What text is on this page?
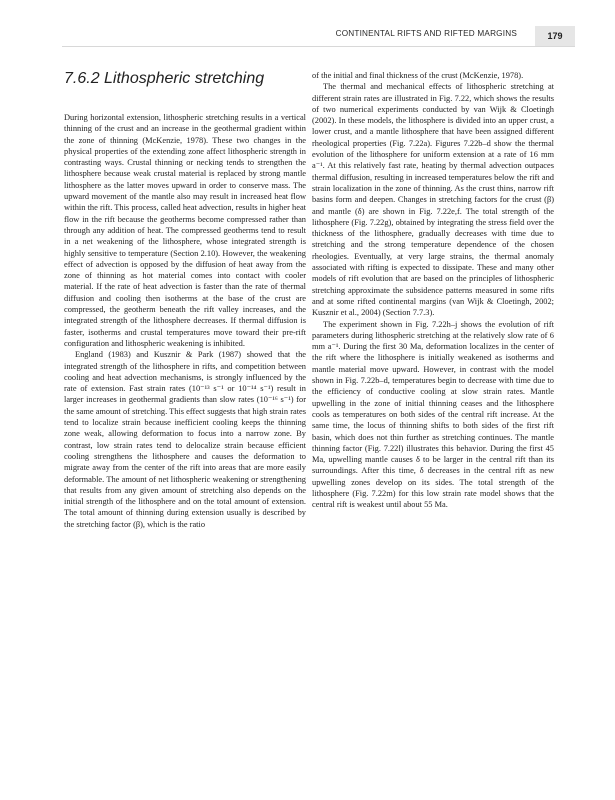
CONTINENTAL RIFTS AND RIFTED MARGINS	179
7.6.2 Lithospheric stretching

During horizontal extension, lithospheric stretching results in a vertical thinning of the crust and an increase in the geothermal gradient within the zone of thinning (McKenzie, 1978). These two changes in the physical properties of the extending zone affect lithospheric strength in contrasting ways. Crustal thinning or necking tends to strengthen the lithosphere because weak crustal material is replaced by strong mantle lithosphere as the latter moves upward in order to conserve mass. The upward movement of the mantle also may result in increased heat flow within the rift. This process, called heat advection, results in higher heat flow in the rift because the geotherms become compressed rather than through any addition of heat. The compressed geotherms tend to result in a net weakening of the lithosphere, whose integrated strength is highly sensitive to temperature (Section 2.10). However, the weakening effect of advection is opposed by the diffusion of heat away from the zone of thinning as hot material comes into contact with cooler material. If the rate of heat advection is faster than the rate of thermal diffusion and cooling then isotherms at the base of the crust are compressed, the geotherm beneath the rift valley increases, and the integrated strength of the lithosphere decreases. If thermal diffusion is faster, isotherms and crustal temperatures move toward their pre-rift configuration and lithospheric weakening is inhibited.

England (1983) and Kusznir & Park (1987) showed that the integrated strength of the lithosphere in rifts, and competition between cooling and heat advection mechanisms, is strongly influenced by the rate of extension. Fast strain rates (10⁻¹³ s⁻¹ or 10⁻¹⁴ s⁻¹) result in larger increases in geothermal gradients than slow rates (10⁻¹⁶ s⁻¹) for the same amount of stretching. This effect suggests that high strain rates tend to localize strain because inefficient cooling keeps the thinning zone weak, allowing deformation to focus into a narrow zone. By contrast, low strain rates tend to delocalize strain because efficient cooling strengthens the lithosphere and causes the deformation to migrate away from the center of the rift into areas that are more easily deformable. The amount of net lithospheric weakening or strengthening that results from any given amount of stretching also depends on the initial strength of the lithosphere and on the total amount of extension. The total amount of thinning during extension usually is described by the stretching factor (β), which is the ratio

of the initial and final thickness of the crust (McKenzie, 1978).

The thermal and mechanical effects of lithospheric stretching at different strain rates are illustrated in Fig. 7.22, which shows the results of two numerical experiments conducted by van Wijk & Cloetingh (2002). In these models, the lithosphere is divided into an upper crust, a lower crust, and a mantle lithosphere that have been assigned different rheological properties (Fig. 7.22a). Figures 7.22b–d show the thermal evolution of the lithosphere for uniform extension at a rate of 16 mm a⁻¹. At this relatively fast rate, heating by thermal advection outpaces thermal diffusion, resulting in increased temperatures below the rift and strain localization in the zone of thinning. As the crust thins, narrow rift basins form and deepen. Changes in stretching factors for the crust (β) and mantle (δ) are shown in Fig. 7.22e,f. The total strength of the lithosphere (Fig. 7.22g), obtained by integrating the stress field over the thickness of the lithosphere, gradually decreases with time due to stretching and the strong temperature dependence of the chosen rheologies. Eventually, at very large strains, the thermal anomaly associated with rifting is expected to dissipate. These and many other models of rift evolution that are based on the principles of lithospheric stretching approximate the subsidence patterns measured in some rifts and at some rifted continental margins (van Wijk & Cloetingh, 2002; Kusznir et al., 2004) (Section 7.7.3).

The experiment shown in Fig. 7.22h–j shows the evolution of rift parameters during lithospheric stretching at the relatively slow rate of 6 mm a⁻¹. During the first 30 Ma, deformation localizes in the center of the rift where the lithosphere is initially weakened as isotherms and mantle material move upward. However, in contrast with the model shown in Fig. 7.22b–d, temperatures begin to decrease with time due to the efficiency of conductive cooling at slow strain rates. Mantle upwelling in the zone of initial thinning ceases and the lithosphere cools as temperatures on both sides of the central rift increase. At the same time, the locus of thinning shifts to both sides of the first rift basin, which does not thin further as stretching continues. The mantle thinning factor (Fig. 7.22l) illustrates this behavior. During the first 45 Ma, upwelling mantle causes δ to be larger in the central rift than its surroundings. After this time, δ decreases in the central rift as new upwelling zones develop on its sides. The total strength of the lithosphere (Fig. 7.22m) for this low strain rate model shows that the central rift is weakest until about 55 Ma.
